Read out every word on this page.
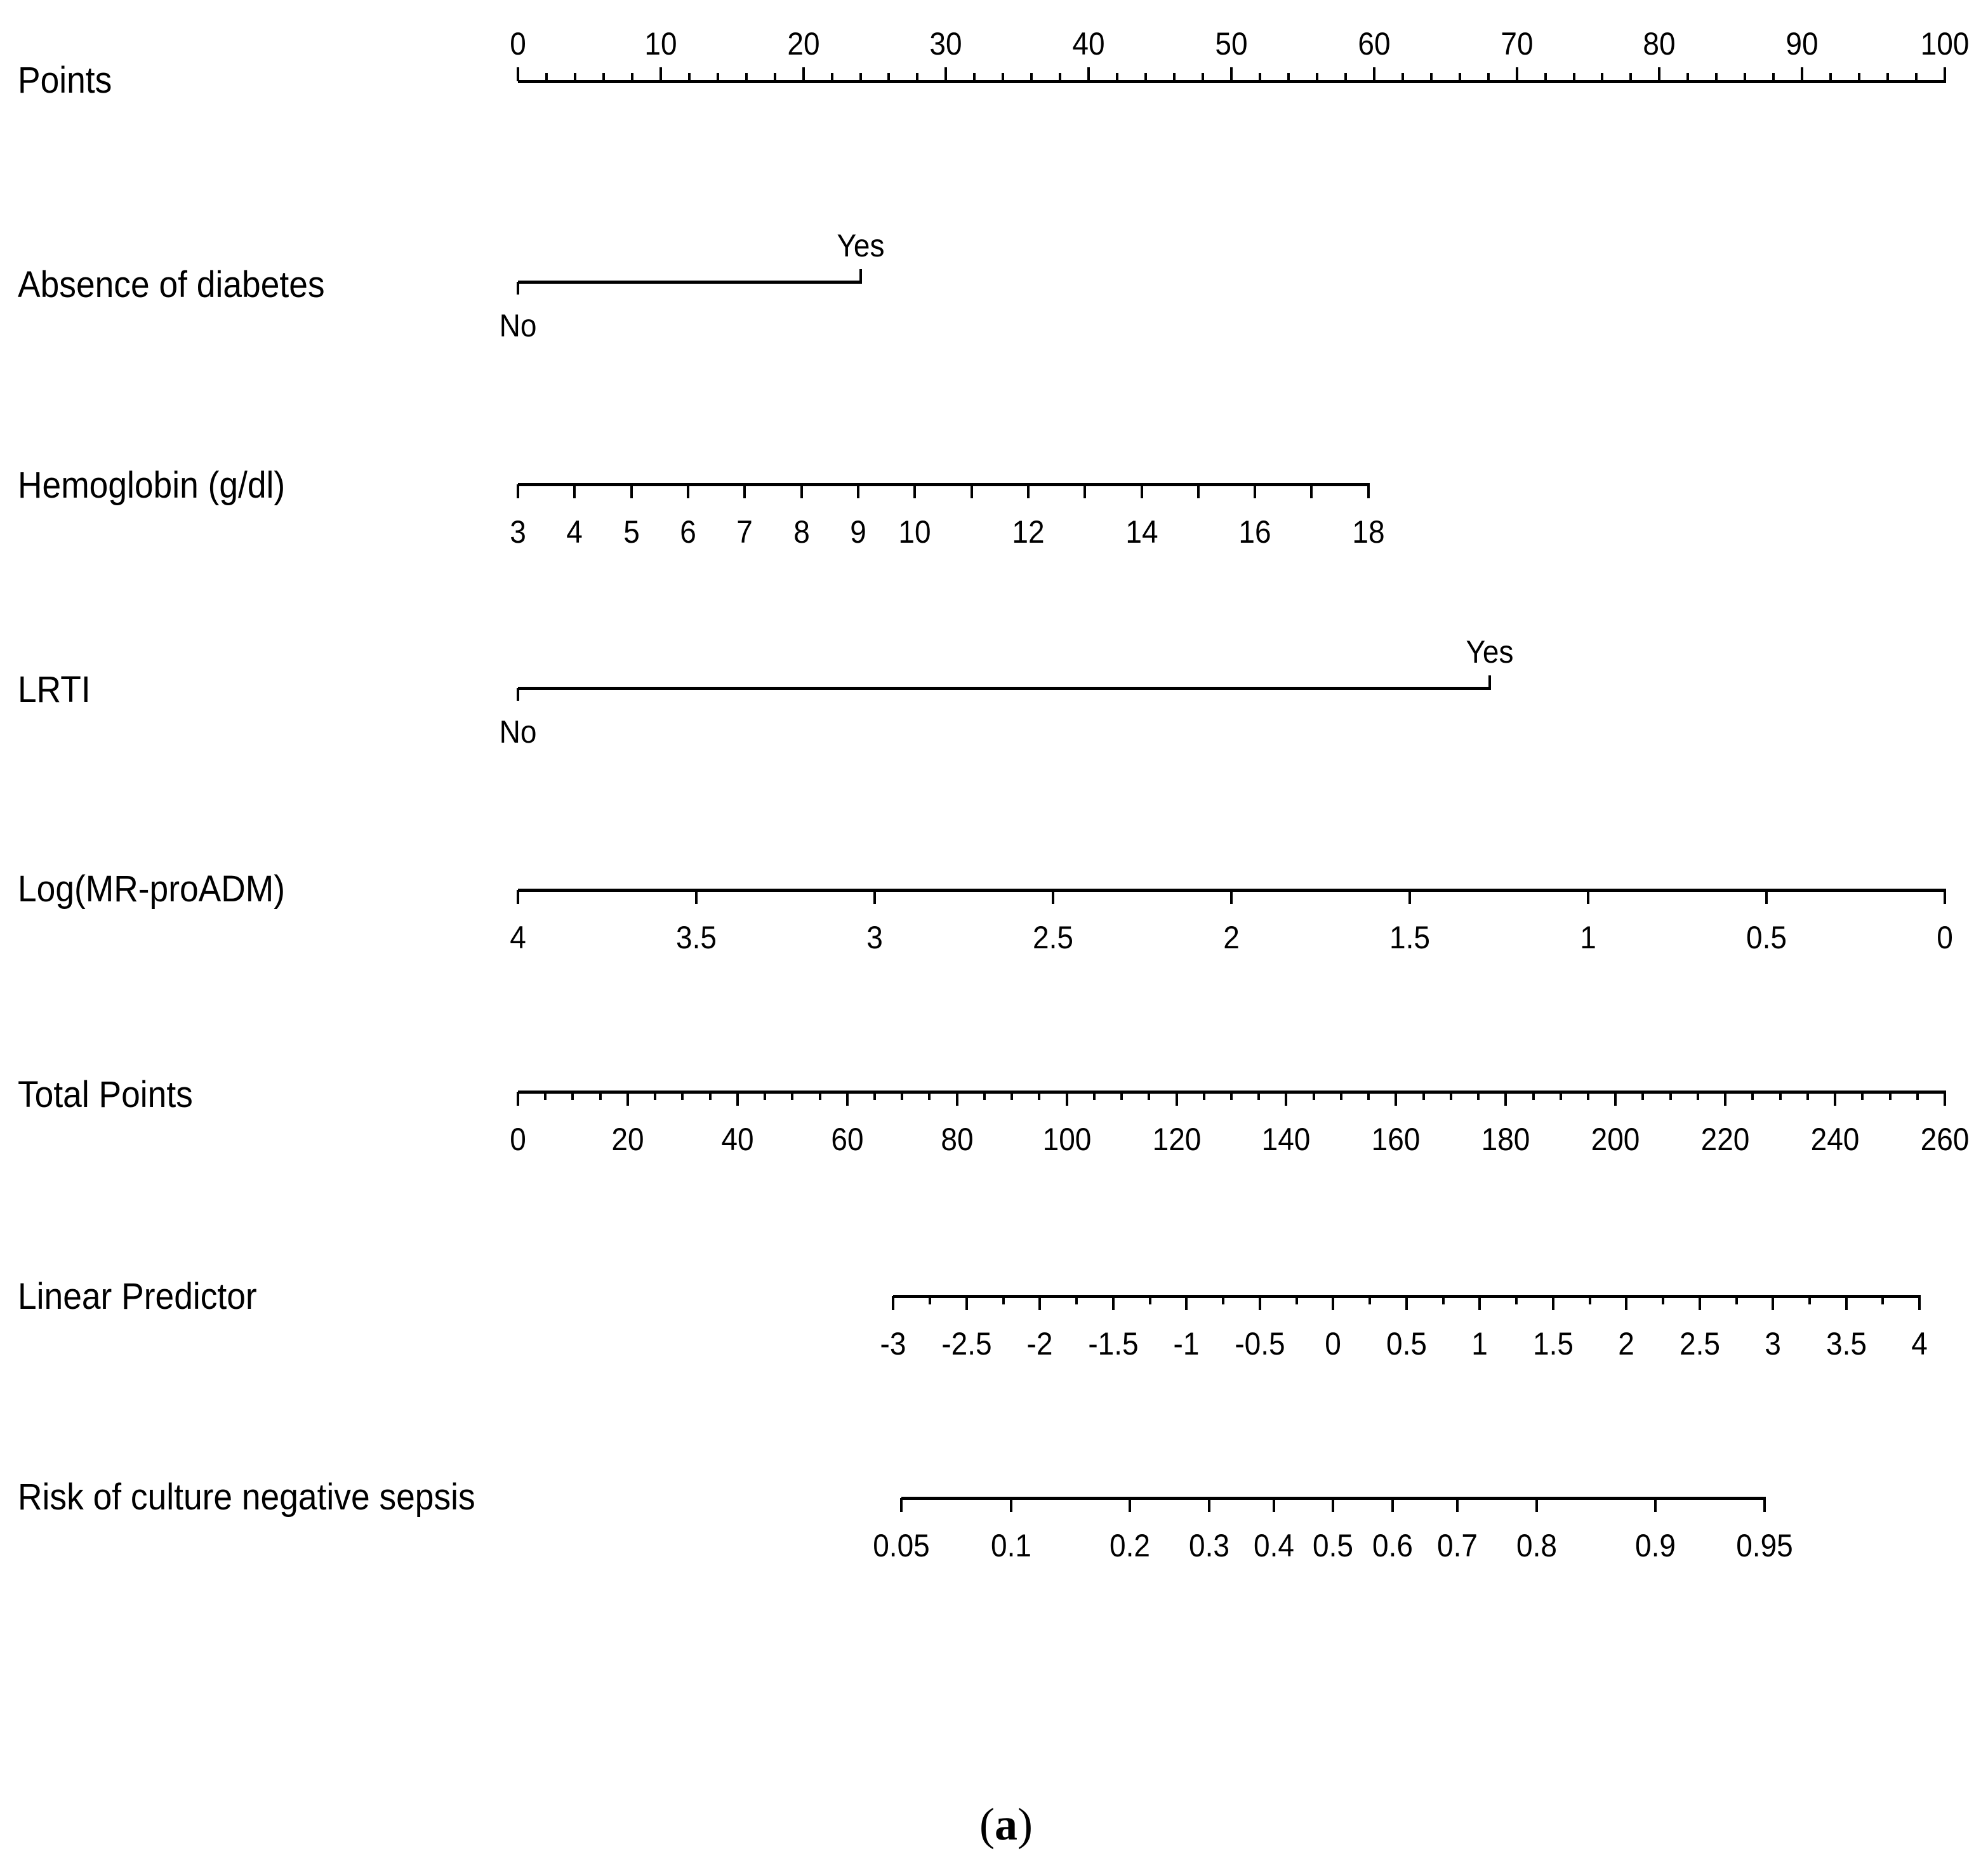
Points
0	10	20	30	40	50	60	70	80	90	100
Absence of diabetes
No
Yes
Hemoglobin (g/dl)
3 4 5 6 7 8 9 10	12	14	16	18
LRTI
No
Yes
Log(MR-proADM)
4	3.5	3	2.5	2	1.5	1	0.5	0
Total Points
0	20 40 60 80 100 120 140 160 180 200 220 240 260
Linear Predictor
-3 -2.5 -2 -1.5 -1 -0.5 0 0.5 1 1.5 2 2.5 3 3.5 4
Risk of culture negative sepsis
0.05 0.1 0.2 0.3 0.4 0.5 0.6 0.7 0.8 0.9 0.95
(a)
